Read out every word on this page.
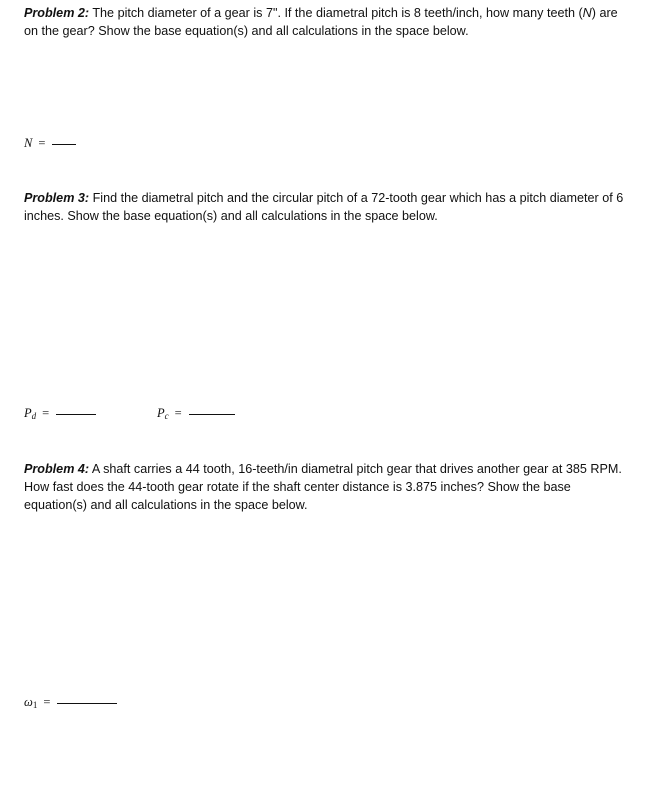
Problem 2: The pitch diameter of a gear is 7". If the diametral pitch is 8 teeth/inch, how many teeth (N) are on the gear? Show the base equation(s) and all calculations in the space below.
N =
Problem 3: Find the diametral pitch and the circular pitch of a 72-tooth gear which has a pitch diameter of 6 inches. Show the base equation(s) and all calculations in the space below.
$P_d$ =	$P_c$ =
Problem 4: A shaft carries a 44 tooth, 16-teeth/in diametral pitch gear that drives another gear at 385 RPM. How fast does the 44-tooth gear rotate if the shaft center distance is 3.875 inches? Show the base equation(s) and all calculations in the space below.
$\omega_1$ =
